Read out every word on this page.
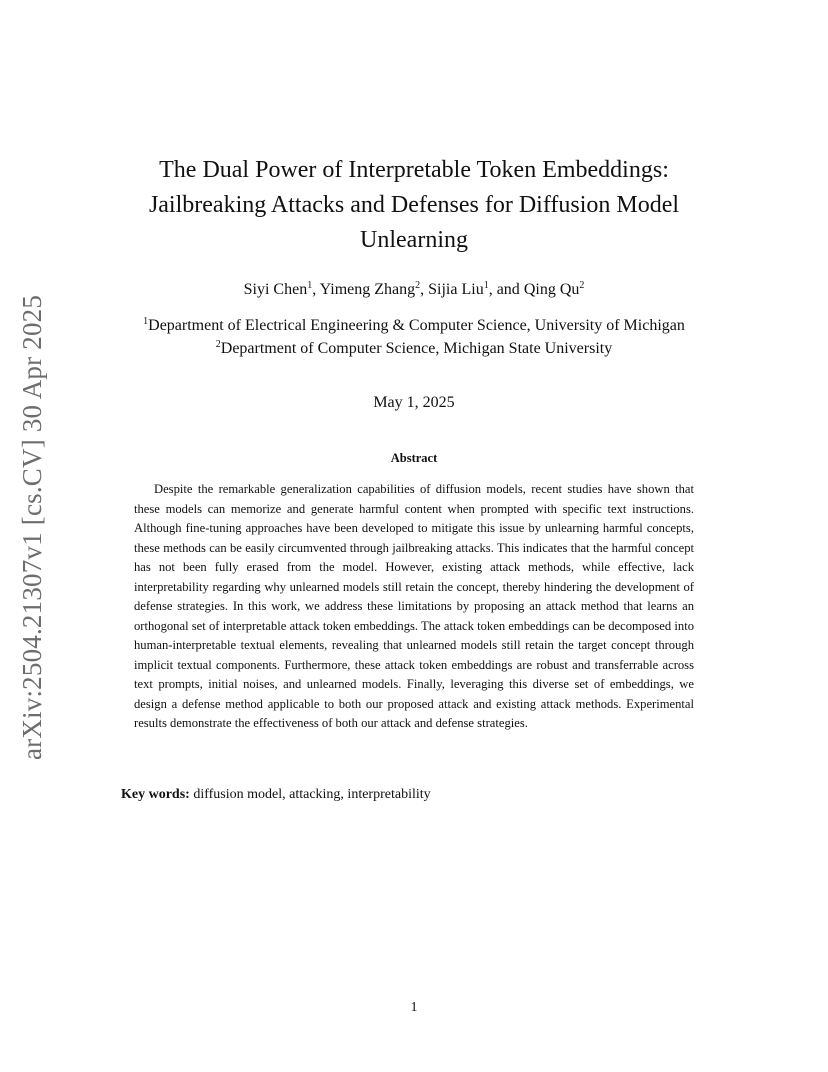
arXiv:2504.21307v1 [cs.CV] 30 Apr 2025
The Dual Power of Interpretable Token Embeddings:
Jailbreaking Attacks and Defenses for Diffusion Model
Unlearning
Siyi Chen$^1$, Yimeng Zhang$^2$, Sijia Liu$^1$, and Qing Qu$^2$
$^1$Department of Electrical Engineering & Computer Science, University of Michigan
$^2$Department of Computer Science, Michigan State University
May 1, 2025
Abstract

Despite the remarkable generalization capabilities of diffusion models, recent studies have shown that these models can memorize and generate harmful content when prompted with specific text instructions. Although fine-tuning approaches have been developed to mitigate this issue by unlearning harmful concepts, these methods can be easily circumvented through jailbreaking attacks. This indicates that the harmful concept has not been fully erased from the model. However, existing attack methods, while effective, lack interpretability regarding why unlearned models still retain the concept, thereby hindering the development of defense strategies. In this work, we address these limitations by proposing an attack method that learns an orthogonal set of interpretable attack token embeddings. The attack token embeddings can be decomposed into human-interpretable textual elements, revealing that unlearned models still retain the target concept through implicit textual components. Furthermore, these attack token embeddings are robust and transferrable across text prompts, initial noises, and unlearned models. Finally, leveraging this diverse set of embeddings, we design a defense method applicable to both our proposed attack and existing attack methods. Experimental results demonstrate the effectiveness of both our attack and defense strategies.

Key words: diffusion model, attacking, interpretability
1
